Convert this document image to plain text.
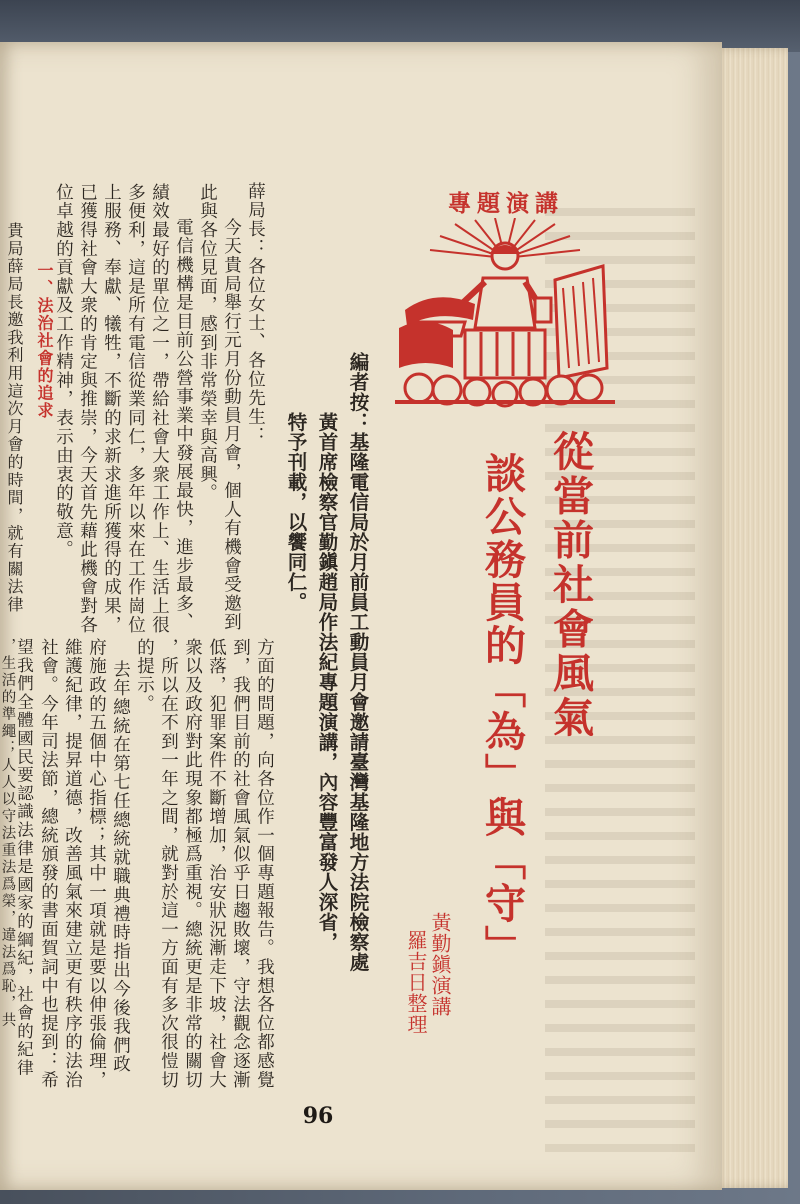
專題演講
從當前社會風氣
談公務員的「為」與「守」
黃勤鎭演講
羅吉日整理
編者按：基隆電信局於月前員工動員月會邀請臺灣基隆地方法院檢察處
黃首席檢察官勤鎭趙局作法紀專題演講，內容豐富發人深省，
特予刊載，以饗同仁。
薛局長：各位女士、各位先生：
今天貴局舉行元月份動員月會，個人有機會受邀到
此與各位見面，感到非常榮幸與高興。
電信機構是目前公營事業中發展最快，進步最多、
績效最好的單位之一，帶給社會大衆工作上、生活上很
多便利，這是所有電信從業同仁，多年以來在工作崗位
上服務、奉獻、犧牲，不斷的求新求進所獲得的成果，
已獲得社會大衆的肯定與推崇，今天首先藉此機會對各
位卓越的貢獻及工作精神，表示由衷的敬意。
一、法治社會的追求
貴局薛局長邀我利用這次月會的時間，就有關法律
方面的問題，向各位作一個專題報告。我想各位都感覺
到，我們目前的社會風氣似乎日趨敗壞，守法觀念逐漸
低落，犯罪案件不斷增加，治安狀況漸走下坡，社會大
衆以及政府對此現象都極爲重視。總統更是非常的關切
，所以在不到一年之間，就對於這一方面有多次很愷切
的提示。
去年總統在第七任總統就職典禮時指出今後我們政
府施政的五個中心指標；其中一項就是要以伸張倫理，
維護紀律，提昇道德，改善風氣來建立更有秩序的法治
社會。今年司法節，總統頒發的書面賀詞中也提到：希
望我們全體國民要認識法律是國家的綱紀，社會的紀律
，生活的準繩；人人以守法重法爲榮，違法爲恥，共
96
